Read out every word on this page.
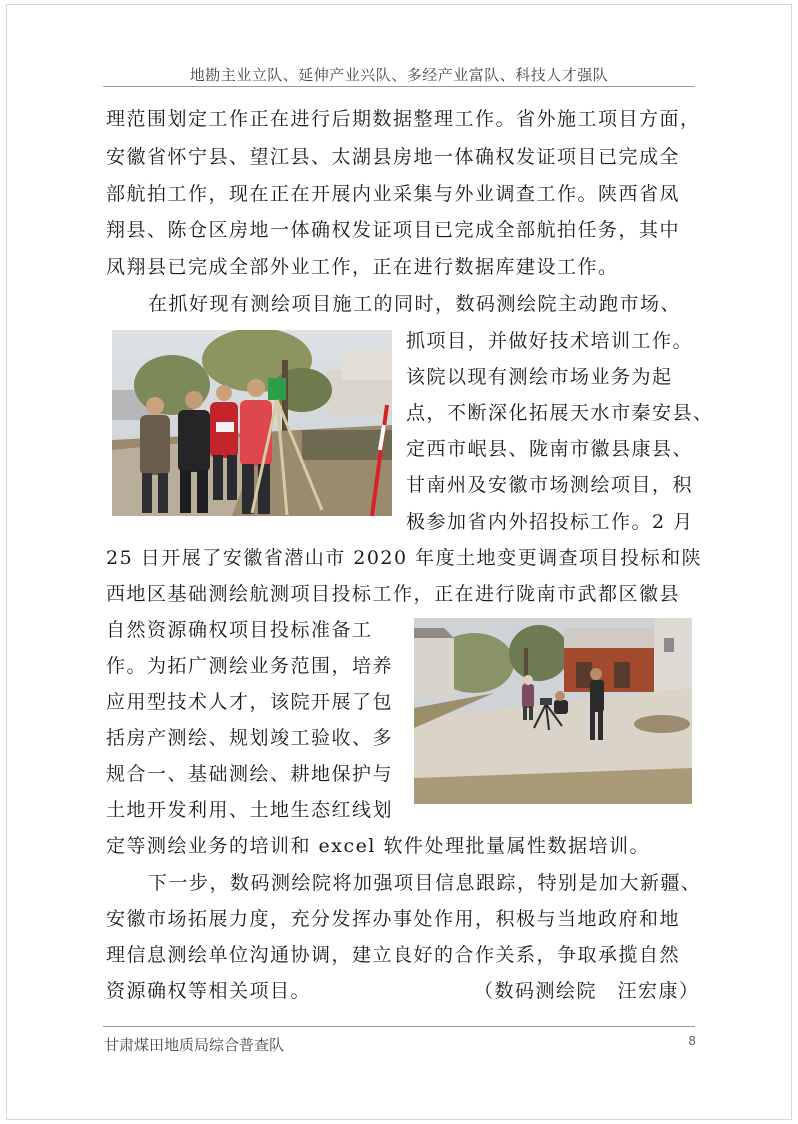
地勘主业立队、延伸产业兴队、多经产业富队、科技人才强队
理范围划定工作正在进行后期数据整理工作。省外施工项目方面，
安徽省怀宁县、望江县、太湖县房地一体确权发证项目已完成全
部航拍工作，现在正在开展内业采集与外业调查工作。陕西省凤
翔县、陈仓区房地一体确权发证项目已完成全部航拍任务，其中
凤翔县已完成全部外业工作，正在进行数据库建设工作。
在抓好现有测绘项目施工的同时，数码测绘院主动跑市场、
抓项目，并做好技术培训工作。
该院以现有测绘市场业务为起
点，不断深化拓展天水市秦安县、
定西市岷县、陇南市徽县康县、
甘南州及安徽市场测绘项目，积
极参加省内外招投标工作。2 月
25 日开展了安徽省潜山市 2020 年度土地变更调查项目投标和陕
西地区基础测绘航测项目投标工作，正在进行陇南市武都区徽县
自然资源确权项目投标准备工
作。为拓广测绘业务范围，培养
应用型技术人才，该院开展了包
括房产测绘、规划竣工验收、多
规合一、基础测绘、耕地保护与
土地开发利用、土地生态红线划
定等测绘业务的培训和 excel 软件处理批量属性数据培训。
下一步，数码测绘院将加强项目信息跟踪，特别是加大新疆、
安徽市场拓展力度，充分发挥办事处作用，积极与当地政府和地
理信息测绘单位沟通协调，建立良好的合作关系，争取承揽自然
资源确权等相关项目。	（数码测绘院　汪宏康）
甘肃煤田地质局综合普查队	8
